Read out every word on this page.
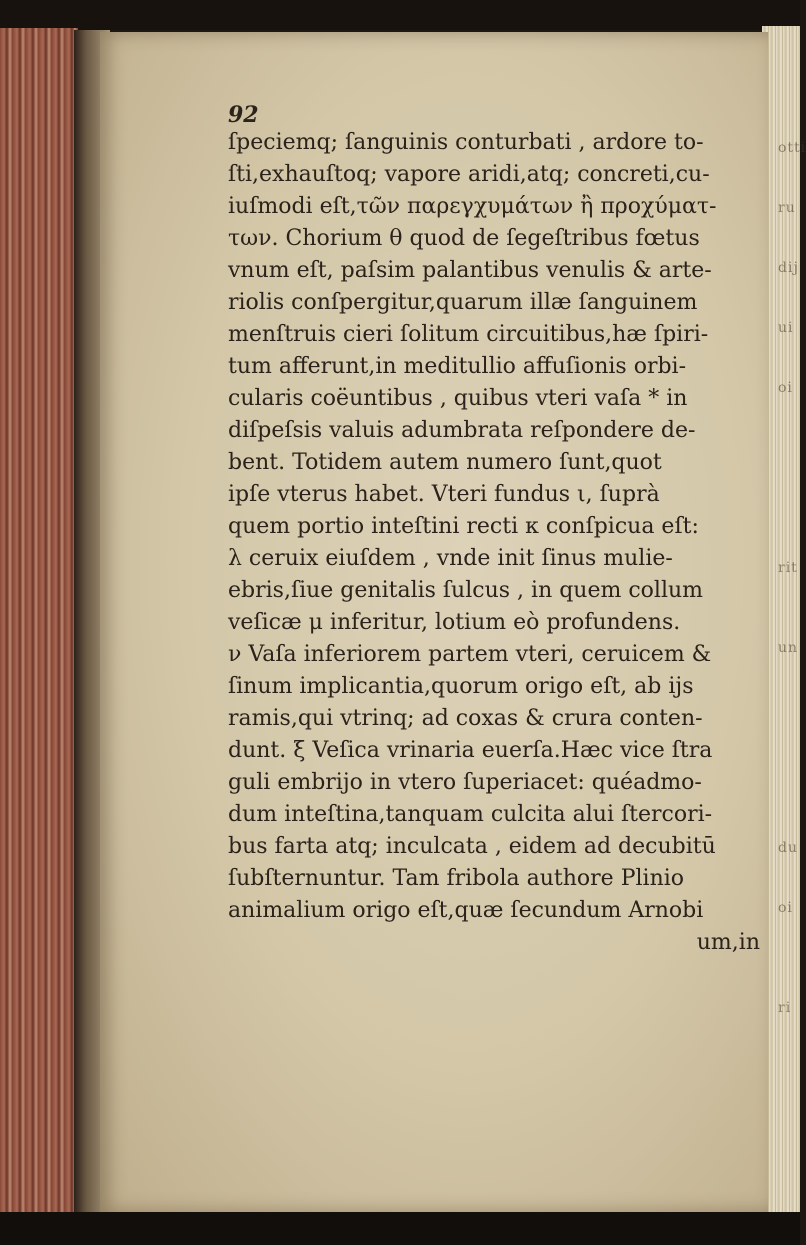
otti
ru
dij
ui
oi
rit
un
du
oi
ri
92
ſpeciemq; ſanguinis conturbati , ardore to-
ſti,exhauſtoq; vapore aridi,atq; concreti,cu-
iuſmodi eſt,τῶν παρεγχυμάτων ἢ προχύματ-
των. Chorium θ quod de ſegeſtribus fœtus
vnum eſt, paſsim palantibus venulis & arte-
riolis conſpergitur,quarum illæ ſanguinem
menſtruis cieri ſolitum circuitibus,hæ ſpiri-
tum afferunt,in meditullio affuſionis orbi-
cularis coëuntibus , quibus vteri vaſa * in
diſpeſsis valuis adumbrata reſpondere de-
bent. Totidem autem numero ſunt,quot
ipſe vterus habet. Vteri fundus ι, ſuprà
quem portio inteſtini recti κ conſpicua eſt:
λ ceruix eiuſdem , vnde init ſinus mulie-
ebris,ſiue genitalis ſulcus , in quem collum
veſicæ μ inferitur, lotium eò profundens.
ν Vaſa inferiorem partem vteri, ceruicem &
ſinum implicantia,quorum origo eſt, ab ijs
ramis,qui vtrinq; ad coxas & crura conten-
dunt. ξ Veſica vrinaria euerſa.Hæc vice ſtra
guli embrijo in vtero ſuperiacet: quéadmo-
dum inteſtina,tanquam culcita alui ſtercori-
bus farta atq; inculcata , eidem ad decubitū
ſubſternuntur. Tam fribola authore Plinio
animalium origo eſt,quæ ſecundum Arnobi
um,in
